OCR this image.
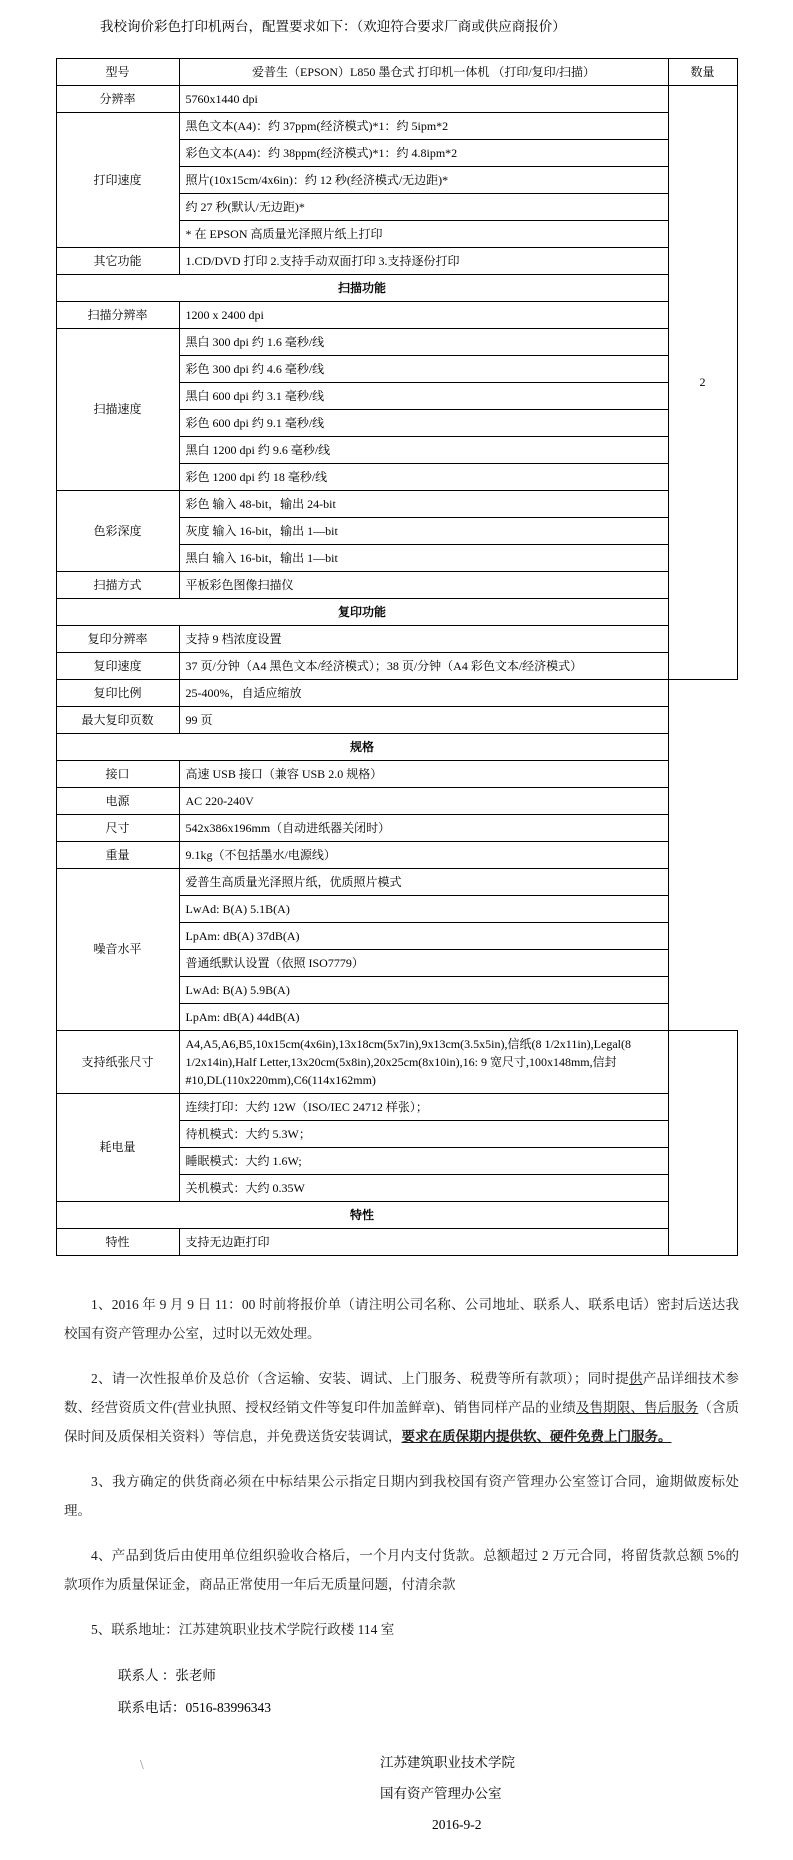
我校询价彩色打印机两台，配置要求如下：（欢迎符合要求厂商或供应商报价）

型号	爱普生（EPSON）L850 墨仓式 打印机一体机 （打印/复印/扫描）	数量
分辨率	5760x1440 dpi	2
打印速度	黑色文本(A4)：约 37ppm(经济模式)*1：约 5ipm*2	
	彩色文本(A4)：约 38ppm(经济模式)*1：约 4.8ipm*2	
	照片(10x15cm/4x6in)：约 12 秒(经济模式/无边距)*	
	约 27 秒(默认/无边距)*	
	* 在 EPSON 高质量光泽照片纸上打印	
其它功能	1.CD/DVD 打印 2.支持手动双面打印 3.支持逐份打印	
扫描功能		
扫描分辨率	1200 x 2400 dpi	
扫描速度	黑白 300 dpi 约 1.6 毫秒/线	
	彩色 300 dpi 约 4.6 毫秒/线	
	黑白 600 dpi 约 3.1 毫秒/线	
	彩色 600 dpi 约 9.1 毫秒/线	
	黑白 1200 dpi 约 9.6 毫秒/线	
	彩色 1200 dpi 约 18 毫秒/线	
色彩深度	彩色 输入 48-bit，输出 24-bit	
	灰度 输入 16-bit，输出 1—bit	
	黑白 输入 16-bit，输出 1—bit	
扫描方式	平板彩色图像扫描仪	
复印功能		
复印分辨率	支持 9 档浓度设置	
复印速度	37 页/分钟（A4 黑色文本/经济模式）；38 页/分钟（A4 彩色文本/经济模式）	
复印比例	25-400%，自适应缩放	
最大复印页数	99 页	
规格		
接口	高速 USB 接口（兼容 USB 2.0 规格）	
电源	AC 220-240V	
尺寸	542x386x196mm（自动进纸器关闭时）	
重量	9.1kg（不包括墨水/电源线）	
噪音水平	爱普生高质量光泽照片纸，优质照片模式	
	LwAd: B(A) 5.1B(A)	
	LpAm: dB(A) 37dB(A)	
	普通纸默认设置（依照 ISO7779）	
	LwAd: B(A) 5.9B(A)	
	LpAm: dB(A) 44dB(A)	
支持纸张尺寸	A4,A5,A6,B5,10x15cm(4x6in),13x18cm(5x7in),9x13cm(3.5x5in),信纸(8 1/2x11in),Legal(8 1/2x14in),Half Letter,13x20cm(5x8in),20x25cm(8x10in),16: 9 宽尺寸,100x148mm,信封#10,DL(110x220mm),C6(114x162mm)	
耗电量	连续打印：大约 12W（ISO/IEC 24712 样张）；	
	待机模式：大约 5.3W；	
	睡眠模式：大约 1.6W;	
	关机模式：大约 0.35W	
特性		
特性	支持无边距打印	

1、2016 年 9 月 9 日 11：00 时前将报价单（请注明公司名称、公司地址、联系人、联系电话）密封后送达我校国有资产管理办公室，过时以无效处理。

2、请一次性报单价及总价（含运输、安装、调试、上门服务、税费等所有款项）；同时提供产品详细技术参数、经营资质文件(营业执照、授权经销文件等复印件加盖鲜章)、销售同样产品的业绩及售期限、售后服务（含质保时间及质保相关资料）等信息，并免费送货安装调试，要求在质保期内提供软、硬件免费上门服务。

3、我方确定的供货商必须在中标结果公示指定日期内到我校国有资产管理办公室签订合同，逾期做废标处理。

4、产品到货后由使用单位组织验收合格后，一个月内支付货款。总额超过 2 万元合同，将留货款总额 5%的款项作为质量保证金，商品正常使用一年后无质量问题，付清余款

5、联系地址：江苏建筑职业技术学院行政楼 114 室

联系人 ：张老师

联系电话：0516-83996343

\	江苏建筑职业技术学院

国有资产管理办公室

2016-9-2
